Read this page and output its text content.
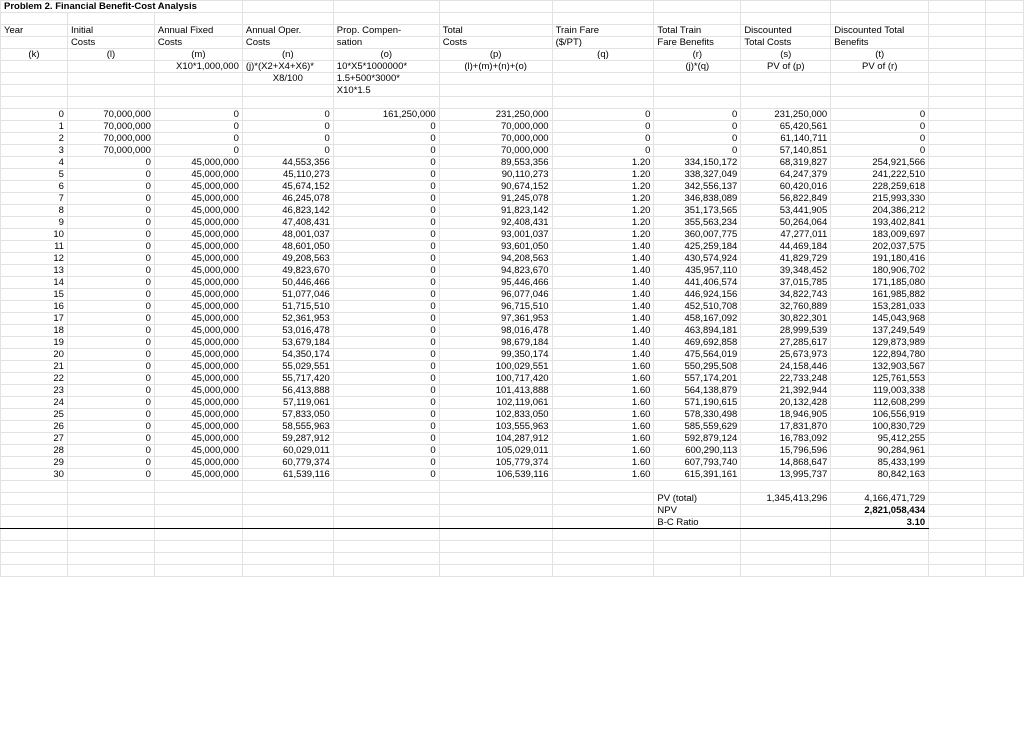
Problem 2. Financial Benefit-Cost Analysis											

Year	Initial	Annual Fixed	Annual Oper.	Prop. Compen-	Total	Train Fare	Total Train	Discounted	Discounted Total		
	Costs	Costs	Costs	sation	Costs	($/PT)	Fare Benefits	Total Costs	Benefits		
(k)	(l)	(m)	(n)	(o)	(p)	(q)	(r)	(s)	(t)		
		X10*1,000,000	(j)*(X2+X4+X6)*	10*X5*1000000*	(l)+(m)+(n)+(o)		(j)*(q)	PV of (p)	PV of (r)		
			X8/100	1.5+500*3000*							
				X10*1.5							

0	70,000,000	0	0	161,250,000	231,250,000	0	0	231,250,000	0		
1	70,000,000	0	0	0	70,000,000	0	0	65,420,561	0		
2	70,000,000	0	0	0	70,000,000	0	0	61,140,711	0		
3	70,000,000	0	0	0	70,000,000	0	0	57,140,851	0		
4	0	45,000,000	44,553,356	0	89,553,356	1.20	334,150,172	68,319,827	254,921,566		
5	0	45,000,000	45,110,273	0	90,110,273	1.20	338,327,049	64,247,379	241,222,510		
6	0	45,000,000	45,674,152	0	90,674,152	1.20	342,556,137	60,420,016	228,259,618		
7	0	45,000,000	46,245,078	0	91,245,078	1.20	346,838,089	56,822,849	215,993,330		
8	0	45,000,000	46,823,142	0	91,823,142	1.20	351,173,565	53,441,905	204,386,212		
9	0	45,000,000	47,408,431	0	92,408,431	1.20	355,563,234	50,264,064	193,402,841		
10	0	45,000,000	48,001,037	0	93,001,037	1.20	360,007,775	47,277,011	183,009,697		
11	0	45,000,000	48,601,050	0	93,601,050	1.40	425,259,184	44,469,184	202,037,575		
12	0	45,000,000	49,208,563	0	94,208,563	1.40	430,574,924	41,829,729	191,180,416		
13	0	45,000,000	49,823,670	0	94,823,670	1.40	435,957,110	39,348,452	180,906,702		
14	0	45,000,000	50,446,466	0	95,446,466	1.40	441,406,574	37,015,785	171,185,080		
15	0	45,000,000	51,077,046	0	96,077,046	1.40	446,924,156	34,822,743	161,985,882		
16	0	45,000,000	51,715,510	0	96,715,510	1.40	452,510,708	32,760,889	153,281,033		
17	0	45,000,000	52,361,953	0	97,361,953	1.40	458,167,092	30,822,301	145,043,968		
18	0	45,000,000	53,016,478	0	98,016,478	1.40	463,894,181	28,999,539	137,249,549		
19	0	45,000,000	53,679,184	0	98,679,184	1.40	469,692,858	27,285,617	129,873,989		
20	0	45,000,000	54,350,174	0	99,350,174	1.40	475,564,019	25,673,973	122,894,780		
21	0	45,000,000	55,029,551	0	100,029,551	1.60	550,295,508	24,158,446	132,903,567		
22	0	45,000,000	55,717,420	0	100,717,420	1.60	557,174,201	22,733,248	125,761,553		
23	0	45,000,000	56,413,888	0	101,413,888	1.60	564,138,879	21,392,944	119,003,338		
24	0	45,000,000	57,119,061	0	102,119,061	1.60	571,190,615	20,132,428	112,608,299		
25	0	45,000,000	57,833,050	0	102,833,050	1.60	578,330,498	18,946,905	106,556,919		
26	0	45,000,000	58,555,963	0	103,555,963	1.60	585,559,629	17,831,870	100,830,729		
27	0	45,000,000	59,287,912	0	104,287,912	1.60	592,879,124	16,783,092	95,412,255		
28	0	45,000,000	60,029,011	0	105,029,011	1.60	600,290,113	15,796,596	90,284,961		
29	0	45,000,000	60,779,374	0	105,779,374	1.60	607,793,740	14,868,647	85,433,199		
30	0	45,000,000	61,539,116	0	106,539,116	1.60	615,391,161	13,995,737	80,842,163		

							PV (total)	1,345,413,296	4,166,471,729		
							NPV		2,821,058,434		
							B-C Ratio		3.10		
